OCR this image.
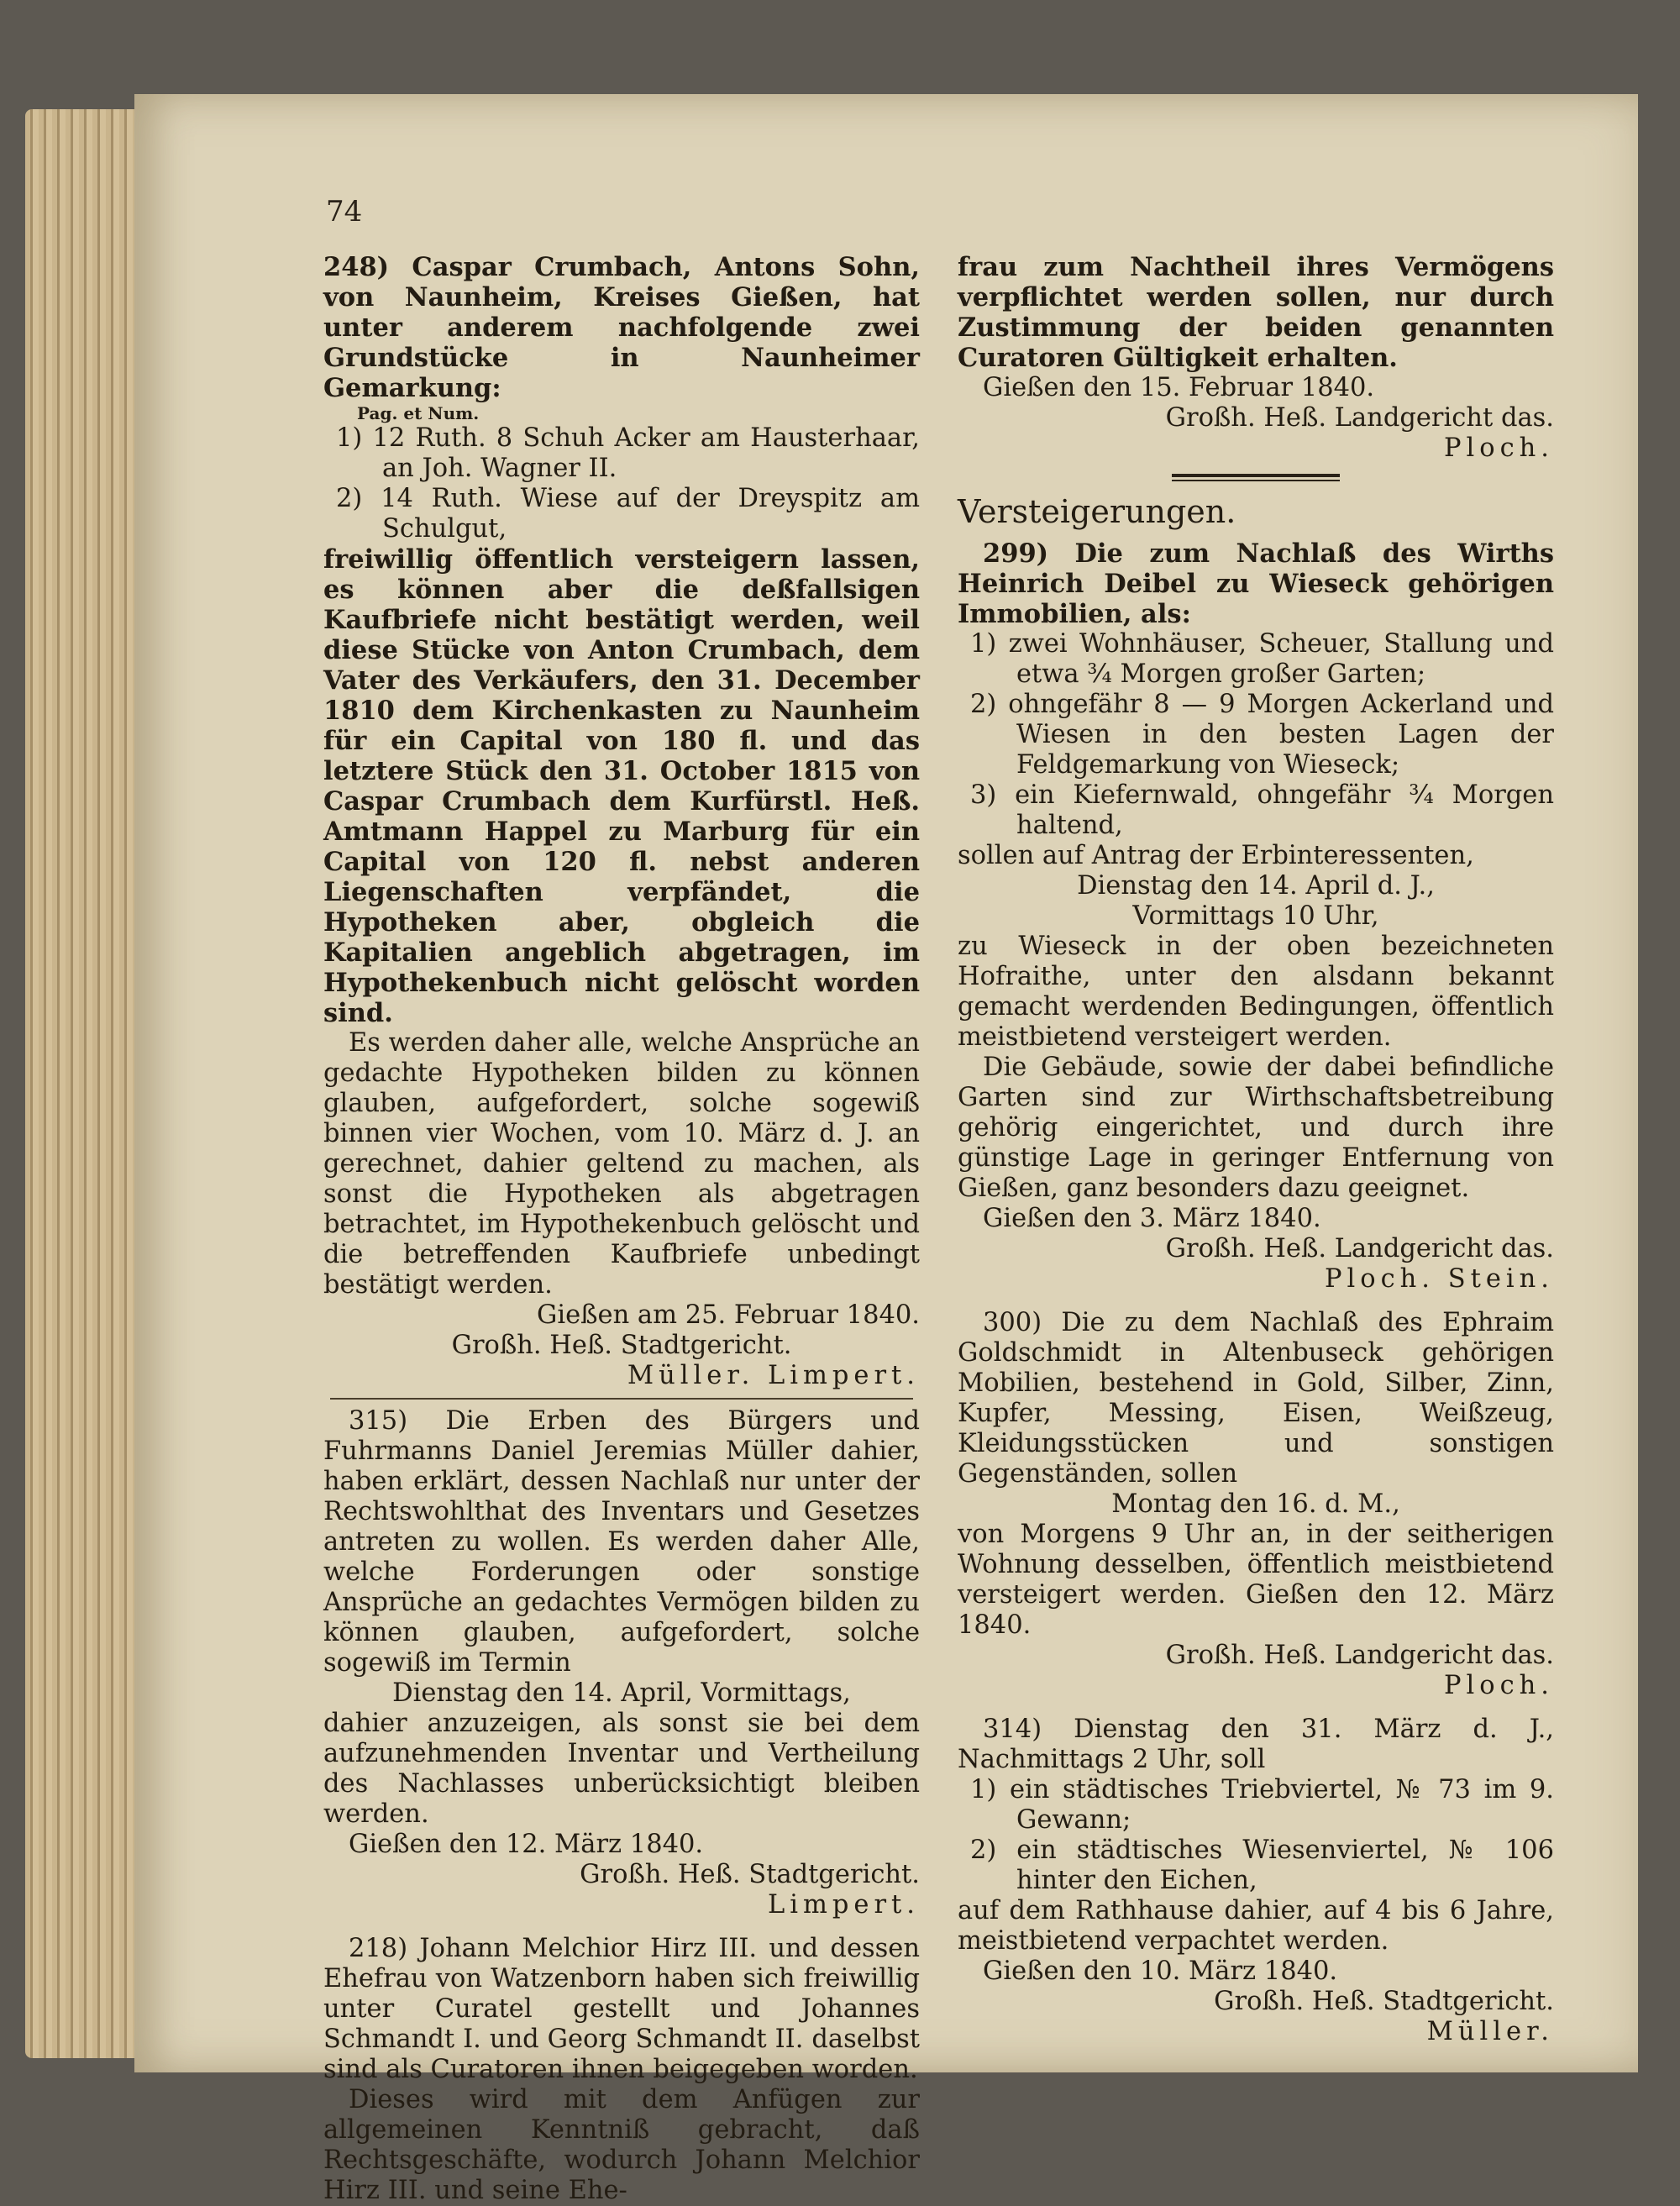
74

248) Caspar Crumbach, Antons Sohn, von Naunheim, Kreises Gießen, hat unter anderem nachfolgende zwei Grundstücke in Naunheimer Gemarkung:

Pag. et Num.

1) 12 Ruth. 8 Schuh Acker am Hausterhaar, an Joh. Wagner II.

2) 14 Ruth. Wiese auf der Dreyspitz am Schulgut,

freiwillig öffentlich versteigern lassen, es können aber die deßfallsigen Kaufbriefe nicht bestätigt werden, weil diese Stücke von Anton Crumbach, dem Vater des Verkäufers, den 31. December 1810 dem Kirchenkasten zu Naunheim für ein Capital von 180 fl. und das letztere Stück den 31. October 1815 von Caspar Crumbach dem Kurfürstl. Heß. Amtmann Happel zu Marburg für ein Capital von 120 fl. nebst anderen Liegenschaften verpfändet, die Hypotheken aber, obgleich die Kapitalien angeblich abgetragen, im Hypothekenbuch nicht gelöscht worden sind.

Es werden daher alle, welche Ansprüche an gedachte Hypotheken bilden zu können glauben, aufgefordert, solche sogewiß binnen vier Wochen, vom 10. März d. J. an gerechnet, dahier geltend zu machen, als sonst die Hypotheken als abgetragen betrachtet, im Hypothekenbuch gelöscht und die betreffenden Kaufbriefe unbedingt bestätigt werden.

Gießen am 25. Februar 1840.

Großh. Heß. Stadtgericht.

Müller. Limpert.

315) Die Erben des Bürgers und Fuhrmanns Daniel Jeremias Müller dahier, haben erklärt, dessen Nachlaß nur unter der Rechtswohlthat des Inventars und Gesetzes antreten zu wollen. Es werden daher Alle, welche Forderungen oder sonstige Ansprüche an gedachtes Vermögen bilden zu können glauben, aufgefordert, solche sogewiß im Termin

Dienstag den 14. April, Vormittags,

dahier anzuzeigen, als sonst sie bei dem aufzunehmenden Inventar und Vertheilung des Nachlasses unberücksichtigt bleiben werden.

Gießen den 12. März 1840.

Großh. Heß. Stadtgericht.

Limpert.

218) Johann Melchior Hirz III. und dessen Ehefrau von Watzenborn haben sich freiwillig unter Curatel gestellt und Johannes Schmandt I. und Georg Schmandt II. daselbst sind als Curatoren ihnen beigegeben worden.

Dieses wird mit dem Anfügen zur allgemeinen Kenntniß gebracht, daß Rechtsgeschäfte, wodurch Johann Melchior Hirz III. und seine Ehe-

frau zum Nachtheil ihres Vermögens verpflichtet werden sollen, nur durch Zustimmung der beiden genannten Curatoren Gültigkeit erhalten.

Gießen den 15. Februar 1840.

Großh. Heß. Landgericht das.

Ploch.

Versteigerungen.

299) Die zum Nachlaß des Wirths Heinrich Deibel zu Wieseck gehörigen Immobilien, als:

1) zwei Wohnhäuser, Scheuer, Stallung und etwa ¾ Morgen großer Garten;

2) ohngefähr 8 — 9 Morgen Ackerland und Wiesen in den besten Lagen der Feldgemarkung von Wieseck;

3) ein Kiefernwald, ohngefähr ¾ Morgen haltend,

sollen auf Antrag der Erbinteressenten,

Dienstag den 14. April d. J.,

Vormittags 10 Uhr,

zu Wieseck in der oben bezeichneten Hofraithe, unter den alsdann bekannt gemacht werdenden Bedingungen, öffentlich meistbietend versteigert werden.

Die Gebäude, sowie der dabei befindliche Garten sind zur Wirthschaftsbetreibung gehörig eingerichtet, und durch ihre günstige Lage in geringer Entfernung von Gießen, ganz besonders dazu geeignet.

Gießen den 3. März 1840.

Großh. Heß. Landgericht das.

Ploch. Stein.

300) Die zu dem Nachlaß des Ephraim Goldschmidt in Altenbuseck gehörigen Mobilien, bestehend in Gold, Silber, Zinn, Kupfer, Messing, Eisen, Weißzeug, Kleidungsstücken und sonstigen Gegenständen, sollen

Montag den 16. d. M.,

von Morgens 9 Uhr an, in der seitherigen Wohnung desselben, öffentlich meistbietend versteigert werden. Gießen den 12. März 1840.

Großh. Heß. Landgericht das.

Ploch.

314) Dienstag den 31. März d. J., Nachmittags 2 Uhr, soll

1) ein städtisches Triebviertel, № 73 im 9. Gewann;

2) ein städtisches Wiesenviertel, № 106 hinter den Eichen,

auf dem Rathhause dahier, auf 4 bis 6 Jahre, meistbietend verpachtet werden.

Gießen den 10. März 1840.

Großh. Heß. Stadtgericht.

Müller.
